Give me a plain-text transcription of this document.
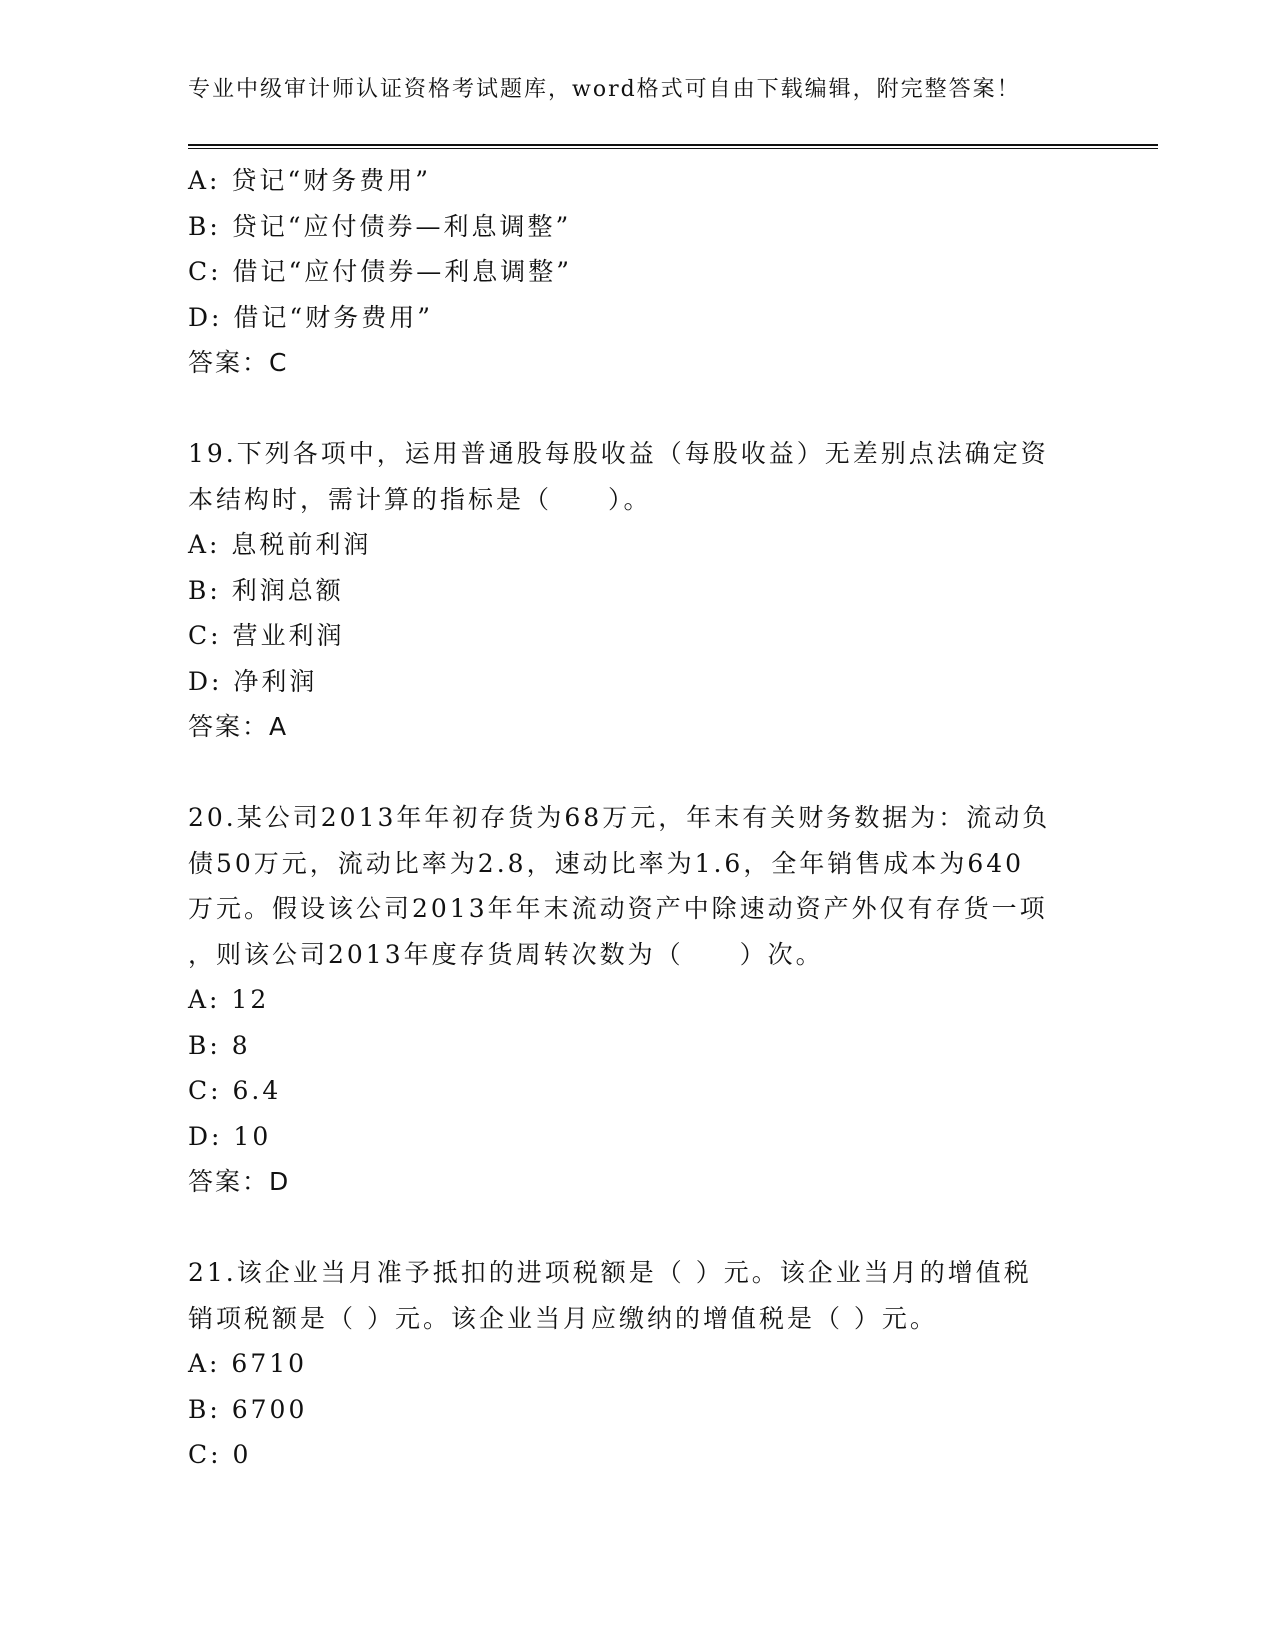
专业中级审计师认证资格考试题库，word格式可自由下载编辑，附完整答案！
A: 贷记“财务费用”
B: 贷记“应付债券—利息调整”
C: 借记“应付债券—利息调整”
D: 借记“财务费用”
答案：C
19.下列各项中，运用普通股每股收益（每股收益）无差别点法确定资
本结构时，需计算的指标是（　　）。
A: 息税前利润
B: 利润总额
C: 营业利润
D: 净利润
答案：A
20.某公司2013年年初存货为68万元，年末有关财务数据为：流动负
债50万元，流动比率为2.8，速动比率为1.6，全年销售成本为640
万元。假设该公司2013年年末流动资产中除速动资产外仅有存货一项
，则该公司2013年度存货周转次数为（　　）次。
A: 12
B: 8
C: 6.4
D: 10
答案：D
21.该企业当月准予抵扣的进项税额是（ ）元。该企业当月的增值税
销项税额是（ ）元。该企业当月应缴纳的增值税是（ ）元。
A: 6710
B: 6700
C: 0
